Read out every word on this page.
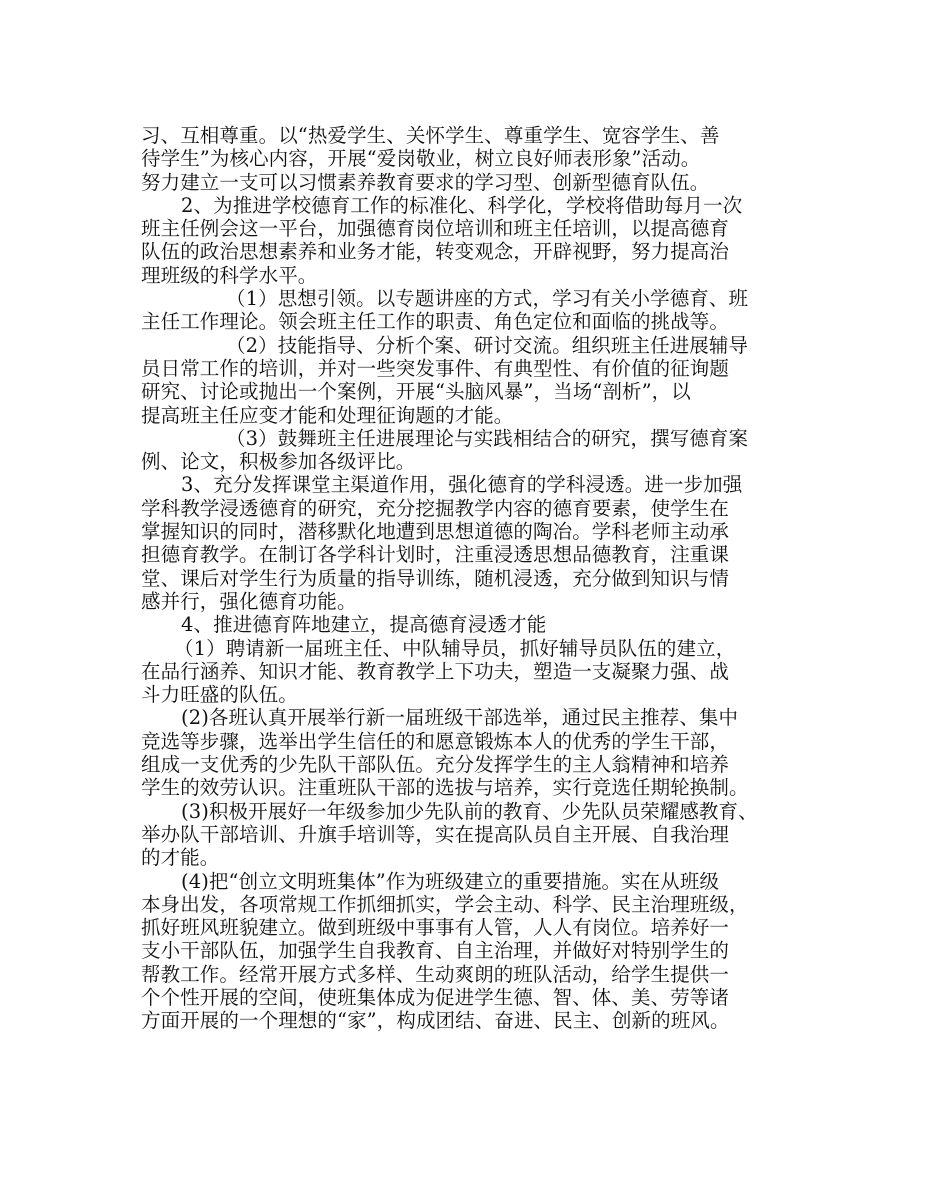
习、互相尊重。以“热爱学生、关怀学生、尊重学生、宽容学生、善
待学生”为核心内容，开展“爱岗敬业，树立良好师表形象”活动。
努力建立一支可以习惯素养教育要求的学习型、创新型德育队伍。
2、为推进学校德育工作的标准化、科学化，学校将借助每月一次
班主任例会这一平台，加强德育岗位培训和班主任培训，以提高德育
队伍的政治思想素养和业务才能，转变观念，开辟视野，努力提高治
理班级的科学水平。
（1）思想引领。以专题讲座的方式，学习有关小学德育、班
主任工作理论。领会班主任工作的职责、角色定位和面临的挑战等。
（2）技能指导、分析个案、研讨交流。组织班主任进展辅导
员日常工作的培训，并对一些突发事件、有典型性、有价值的征询题
研究、讨论或抛出一个案例，开展“头脑风暴”，当场“剖析”，以
提高班主任应变才能和处理征询题的才能。
（3）鼓舞班主任进展理论与实践相结合的研究，撰写德育案
例、论文，积极参加各级评比。
3、充分发挥课堂主渠道作用，强化德育的学科浸透。进一步加强
学科教学浸透德育的研究，充分挖掘教学内容的德育要素，使学生在
掌握知识的同时，潜移默化地遭到思想道德的陶冶。学科老师主动承
担德育教学。在制订各学科计划时，注重浸透思想品德教育，注重课
堂、课后对学生行为质量的指导训练，随机浸透，充分做到知识与情
感并行，强化德育功能。
4、推进德育阵地建立，提高德育浸透才能
（1）聘请新一届班主任、中队辅导员，抓好辅导员队伍的建立，
在品行涵养、知识才能、教育教学上下功夫，塑造一支凝聚力强、战
斗力旺盛的队伍。
(2)各班认真开展举行新一届班级干部选举，通过民主推荐、集中
竞选等步骤，选举出学生信任的和愿意锻炼本人的优秀的学生干部，
组成一支优秀的少先队干部队伍。充分发挥学生的主人翁精神和培养
学生的效劳认识。注重班队干部的选拔与培养，实行竞选任期轮换制。
(3)积极开展好一年级参加少先队前的教育、少先队员荣耀感教育、
举办队干部培训、升旗手培训等，实在提高队员自主开展、自我治理
的才能。
(4)把“创立文明班集体”作为班级建立的重要措施。实在从班级
本身出发，各项常规工作抓细抓实，学会主动、科学、民主治理班级，
抓好班风班貌建立。做到班级中事事有人管，人人有岗位。培养好一
支小干部队伍，加强学生自我教育、自主治理，并做好对特别学生的
帮教工作。经常开展方式多样、生动爽朗的班队活动，给学生提供一
个个性开展的空间，使班集体成为促进学生德、智、体、美、劳等诸
方面开展的一个理想的“家”，构成团结、奋进、民主、创新的班风。
